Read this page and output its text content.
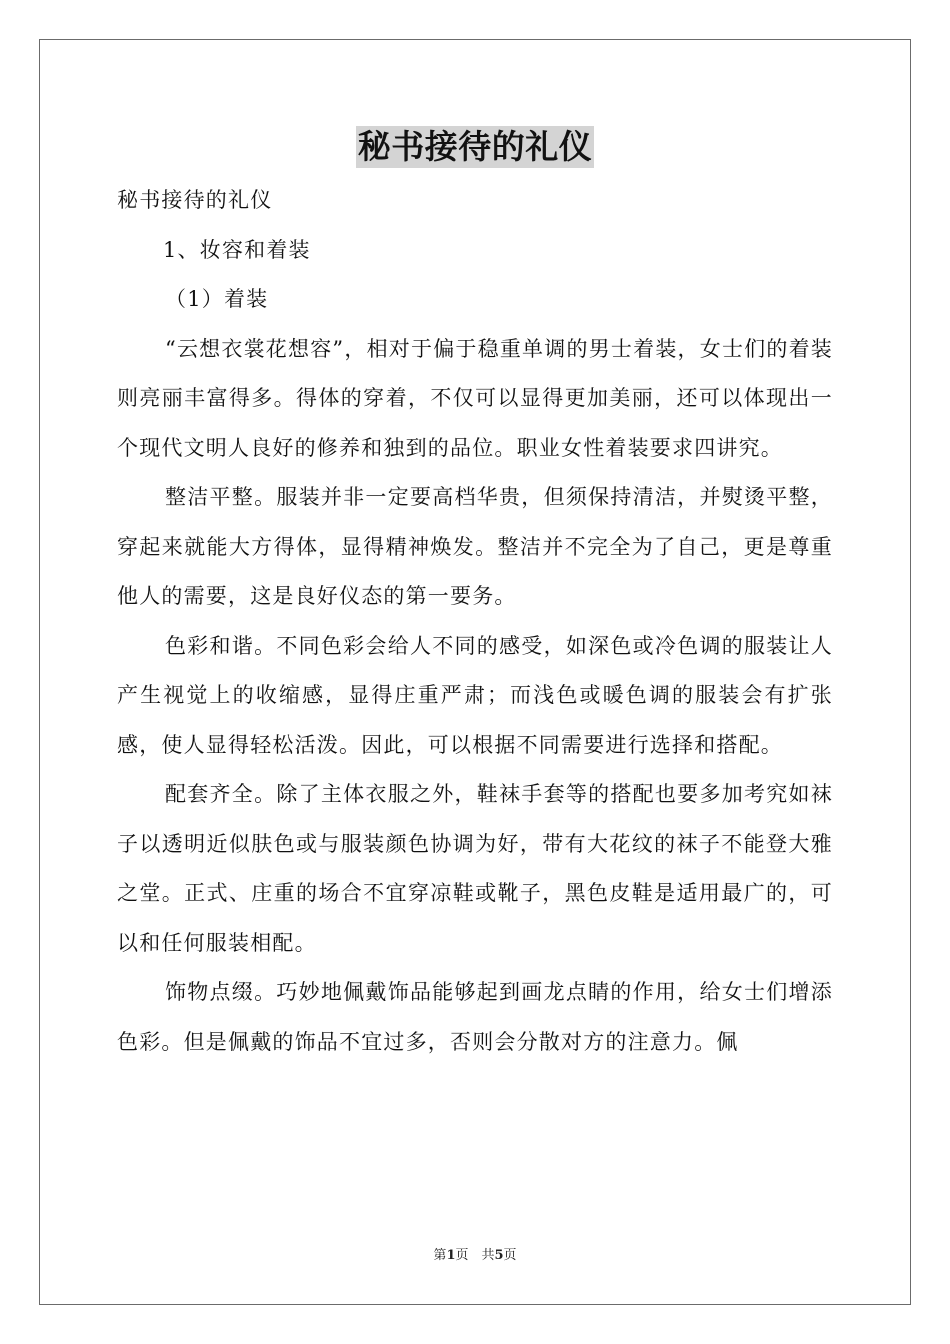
秘书接待的礼仪

秘书接待的礼仪

1、妆容和着装

（1）着装

“云想衣裳花想容”，相对于偏于稳重单调的男士着装，女士们的着装则亮丽丰富得多。得体的穿着，不仅可以显得更加美丽，还可以体现出一个现代文明人良好的修养和独到的品位。职业女性着装要求四讲究。

整洁平整。服装并非一定要高档华贵，但须保持清洁，并熨烫平整，穿起来就能大方得体，显得精神焕发。整洁并不完全为了自己，更是尊重他人的需要，这是良好仪态的第一要务。

色彩和谐。不同色彩会给人不同的感受，如深色或冷色调的服装让人产生视觉上的收缩感，显得庄重严肃；而浅色或暖色调的服装会有扩张感，使人显得轻松活泼。因此，可以根据不同需要进行选择和搭配。

配套齐全。除了主体衣服之外，鞋袜手套等的搭配也要多加考究如袜子以透明近似肤色或与服装颜色协调为好，带有大花纹的袜子不能登大雅之堂。正式、庄重的场合不宜穿凉鞋或靴子，黑色皮鞋是适用最广的，可以和任何服装相配。

饰物点缀。巧妙地佩戴饰品能够起到画龙点睛的作用，给女士们增添色彩。但是佩戴的饰品不宜过多，否则会分散对方的注意力。佩

第1页　共5页
